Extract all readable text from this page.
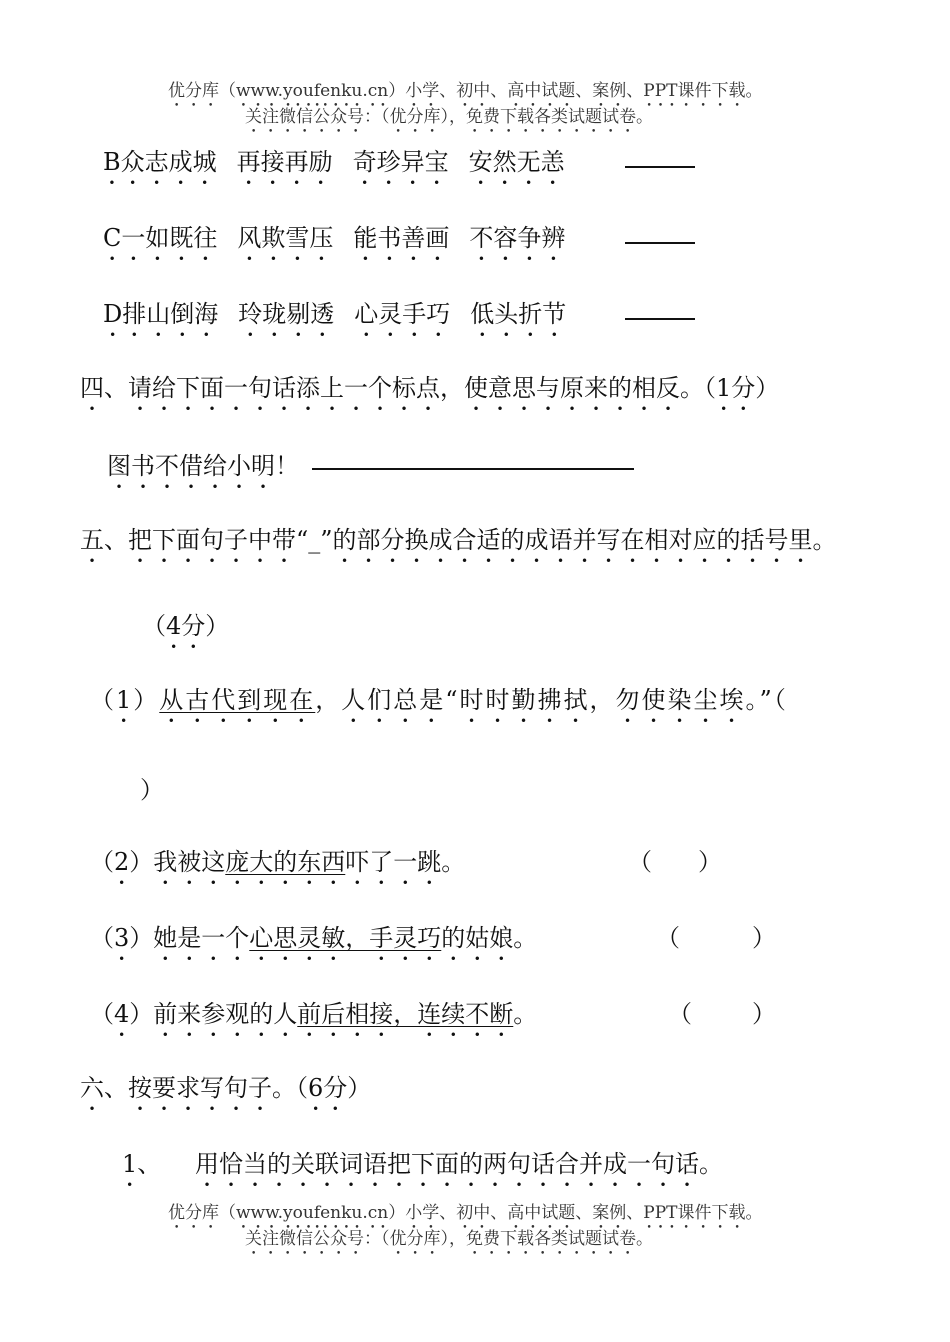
优分库（www.youfenku.cn）小学、初中、高中试题、案例、PPT课件下载。
关注微信公众号：（优分库），免费下载各类试题试卷。
B众志成城 再接再励 奇珍异宝 安然无恙
C一如既往 风欺雪压 能书善画 不容争辨
D排山倒海 玲珑剔透 心灵手巧 低头折节
四、请给下面一句话添上一个标点，使意思与原来的相反。（1分）
图书不借给小明！
五、把下面句子中带“_”的部分换成合适的成语并写在相对应的括号里。
（4分）
（1）从古代到现在，人们总是“时时勤拂拭，勿使染尘埃。”（
）
（2）我被这庞大的东西吓了一跳。	（ ）
（3）她是一个心思灵敏，手灵巧的姑娘。	（	）
（4）前来参观的人前后相接，连续不断。	（	）
六、按要求写句子。（6分）
1、 用恰当的关联词语把下面的两句话合并成一句话。
优分库（www.youfenku.cn）小学、初中、高中试题、案例、PPT课件下载。
关注微信公众号：（优分库），免费下载各类试题试卷。
